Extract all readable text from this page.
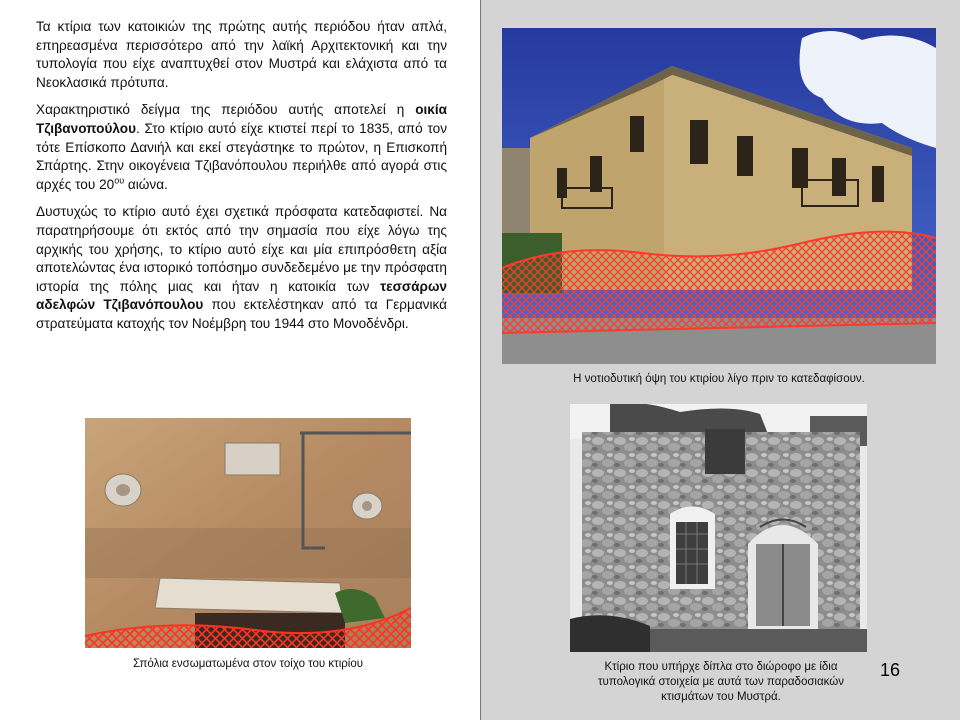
Τα κτίρια των κατοικιών της πρώτης αυτής περιόδου ήταν απλά, επηρεασμένα περισσότερο από την λαϊκή Αρχιτεκτονική και την τυπολογία που είχε αναπτυχθεί στον Μυστρά και ελάχιστα από τα Νεοκλασικά πρότυπα.

Χαρακτηριστικό δείγμα της περιόδου αυτής αποτελεί η οικία Τζιβανοπούλου. Στο κτίριο αυτό είχε κτιστεί περί το 1835, από τον τότε Επίσκοπο Δανιήλ και εκεί στεγάστηκε το πρώτον, η Επισκοπή Σπάρτης. Στην οικογένεια Τζιβανόπουλου περιήλθε από αγορά στις αρχές του $20^{o\upsilon}$ αιώνα.

Δυστυχώς το κτίριο αυτό έχει σχετικά πρόσφατα κατεδαφιστεί. Να παρατηρήσουμε ότι εκτός από την σημασία που είχε λόγω της αρχικής του χρήσης, το κτίριο αυτό είχε και μία επιπρόσθετη αξία αποτελώντας ένα ιστορικό τοπόσημο συνδεδεμένο με την πρόσφατη ιστορία της πόλης μιας και ήταν η κατοικία των τεσσάρων αδελφών Τζιβανόπουλου που εκτελέστηκαν από τα Γερμανικά στρατεύματα κατοχής τον Νοέμβρη του 1944 στο Μονοδένδρι.

Σπόλια ενσωματωμένα στον τοίχο του κτιρίου
Η νοτιοδυτική όψη του κτιρίου λίγο πριν το κατεδαφίσουν.
Κτίριο που υπήρχε δίπλα στο διώροφο με ίδια
τυπολογικά στοιχεία με αυτά των παραδοσιακών
κτισμάτων του Μυστρά.
16
